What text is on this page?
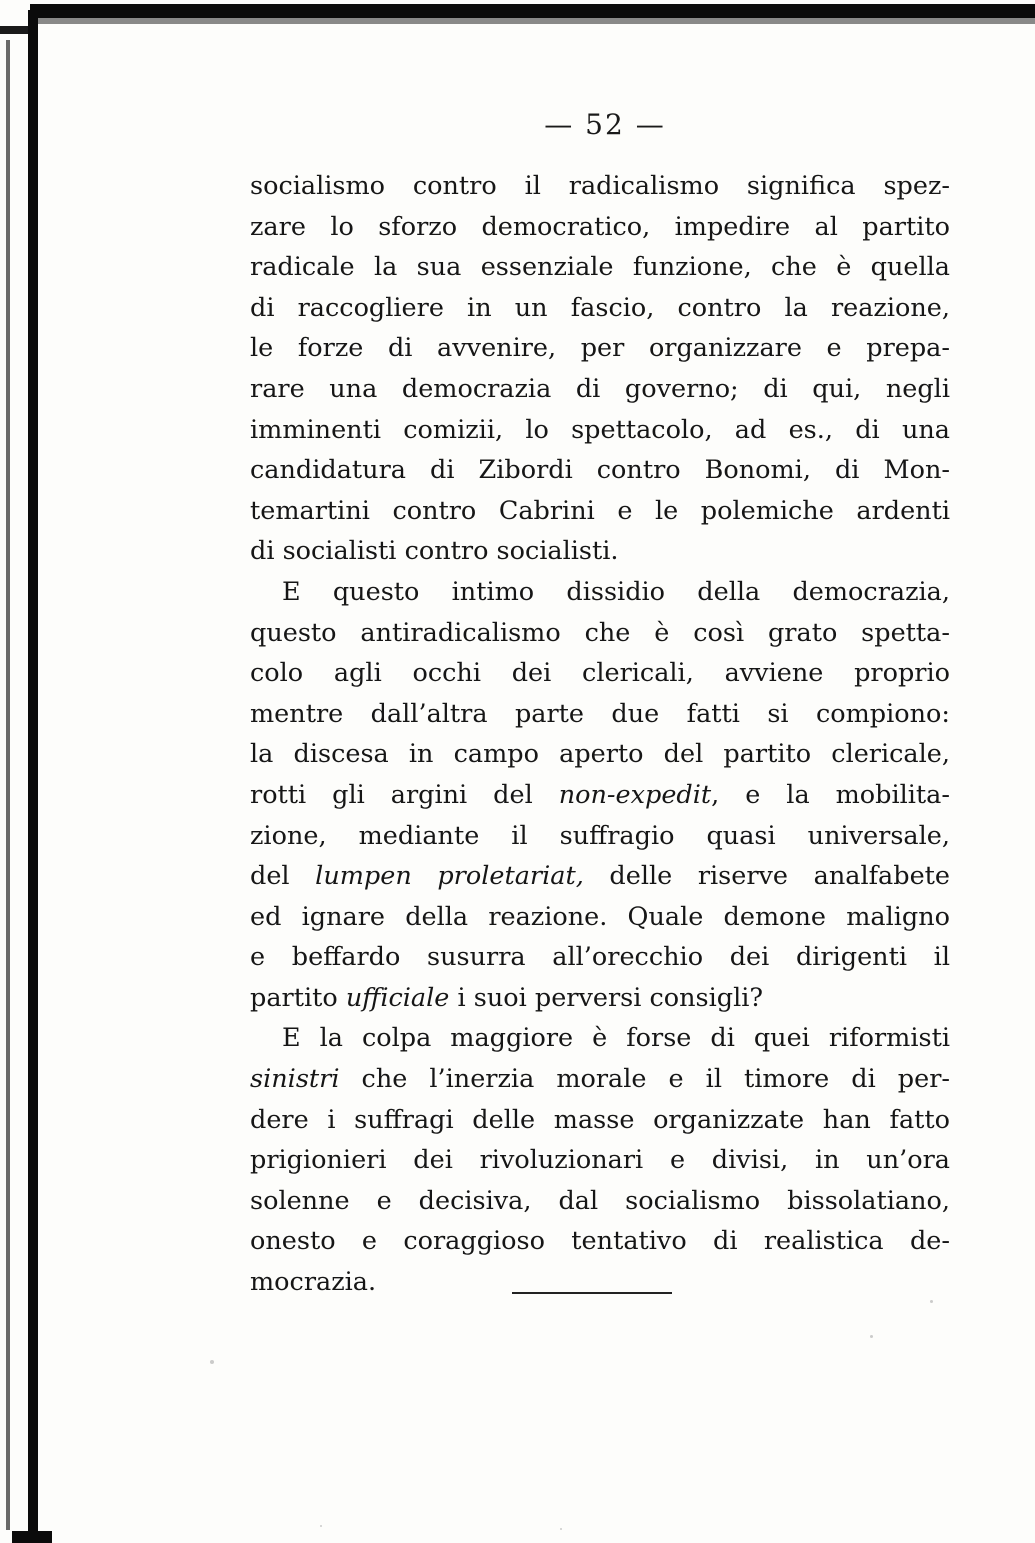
— 52 —
socialismo contro il radicalismo significa spez-
zare lo sforzo democratico, impedire al partito
radicale la sua essenziale funzione, che è quella
di raccogliere in un fascio, contro la reazione,
le forze di avvenire, per organizzare e prepa-
rare una democrazia di governo; di qui, negli
imminenti comizii, lo spettacolo, ad es., di una
candidatura di Zibordi contro Bonomi, di Mon-
temartini contro Cabrini e le polemiche ardenti
di socialisti contro socialisti.
E questo intimo dissidio della democrazia,
questo antiradicalismo che è così grato spetta-
colo agli occhi dei clericali, avviene proprio
mentre dall’altra parte due fatti si compiono:
la discesa in campo aperto del partito clericale,
rotti gli argini del non-expedit, e la mobilita-
zione, mediante il suffragio quasi universale,
del lumpen proletariat, delle riserve analfabete
ed ignare della reazione. Quale demone maligno
e beffardo susurra all’orecchio dei dirigenti il
partito ufficiale i suoi perversi consigli?
E la colpa maggiore è forse di quei riformisti
sinistri che l’inerzia morale e il timore di per-
dere i suffragi delle masse organizzate han fatto
prigionieri dei rivoluzionari e divisi, in un’ora
solenne e decisiva, dal socialismo bissolatiano,
onesto e coraggioso tentativo di realistica de-
mocrazia.
